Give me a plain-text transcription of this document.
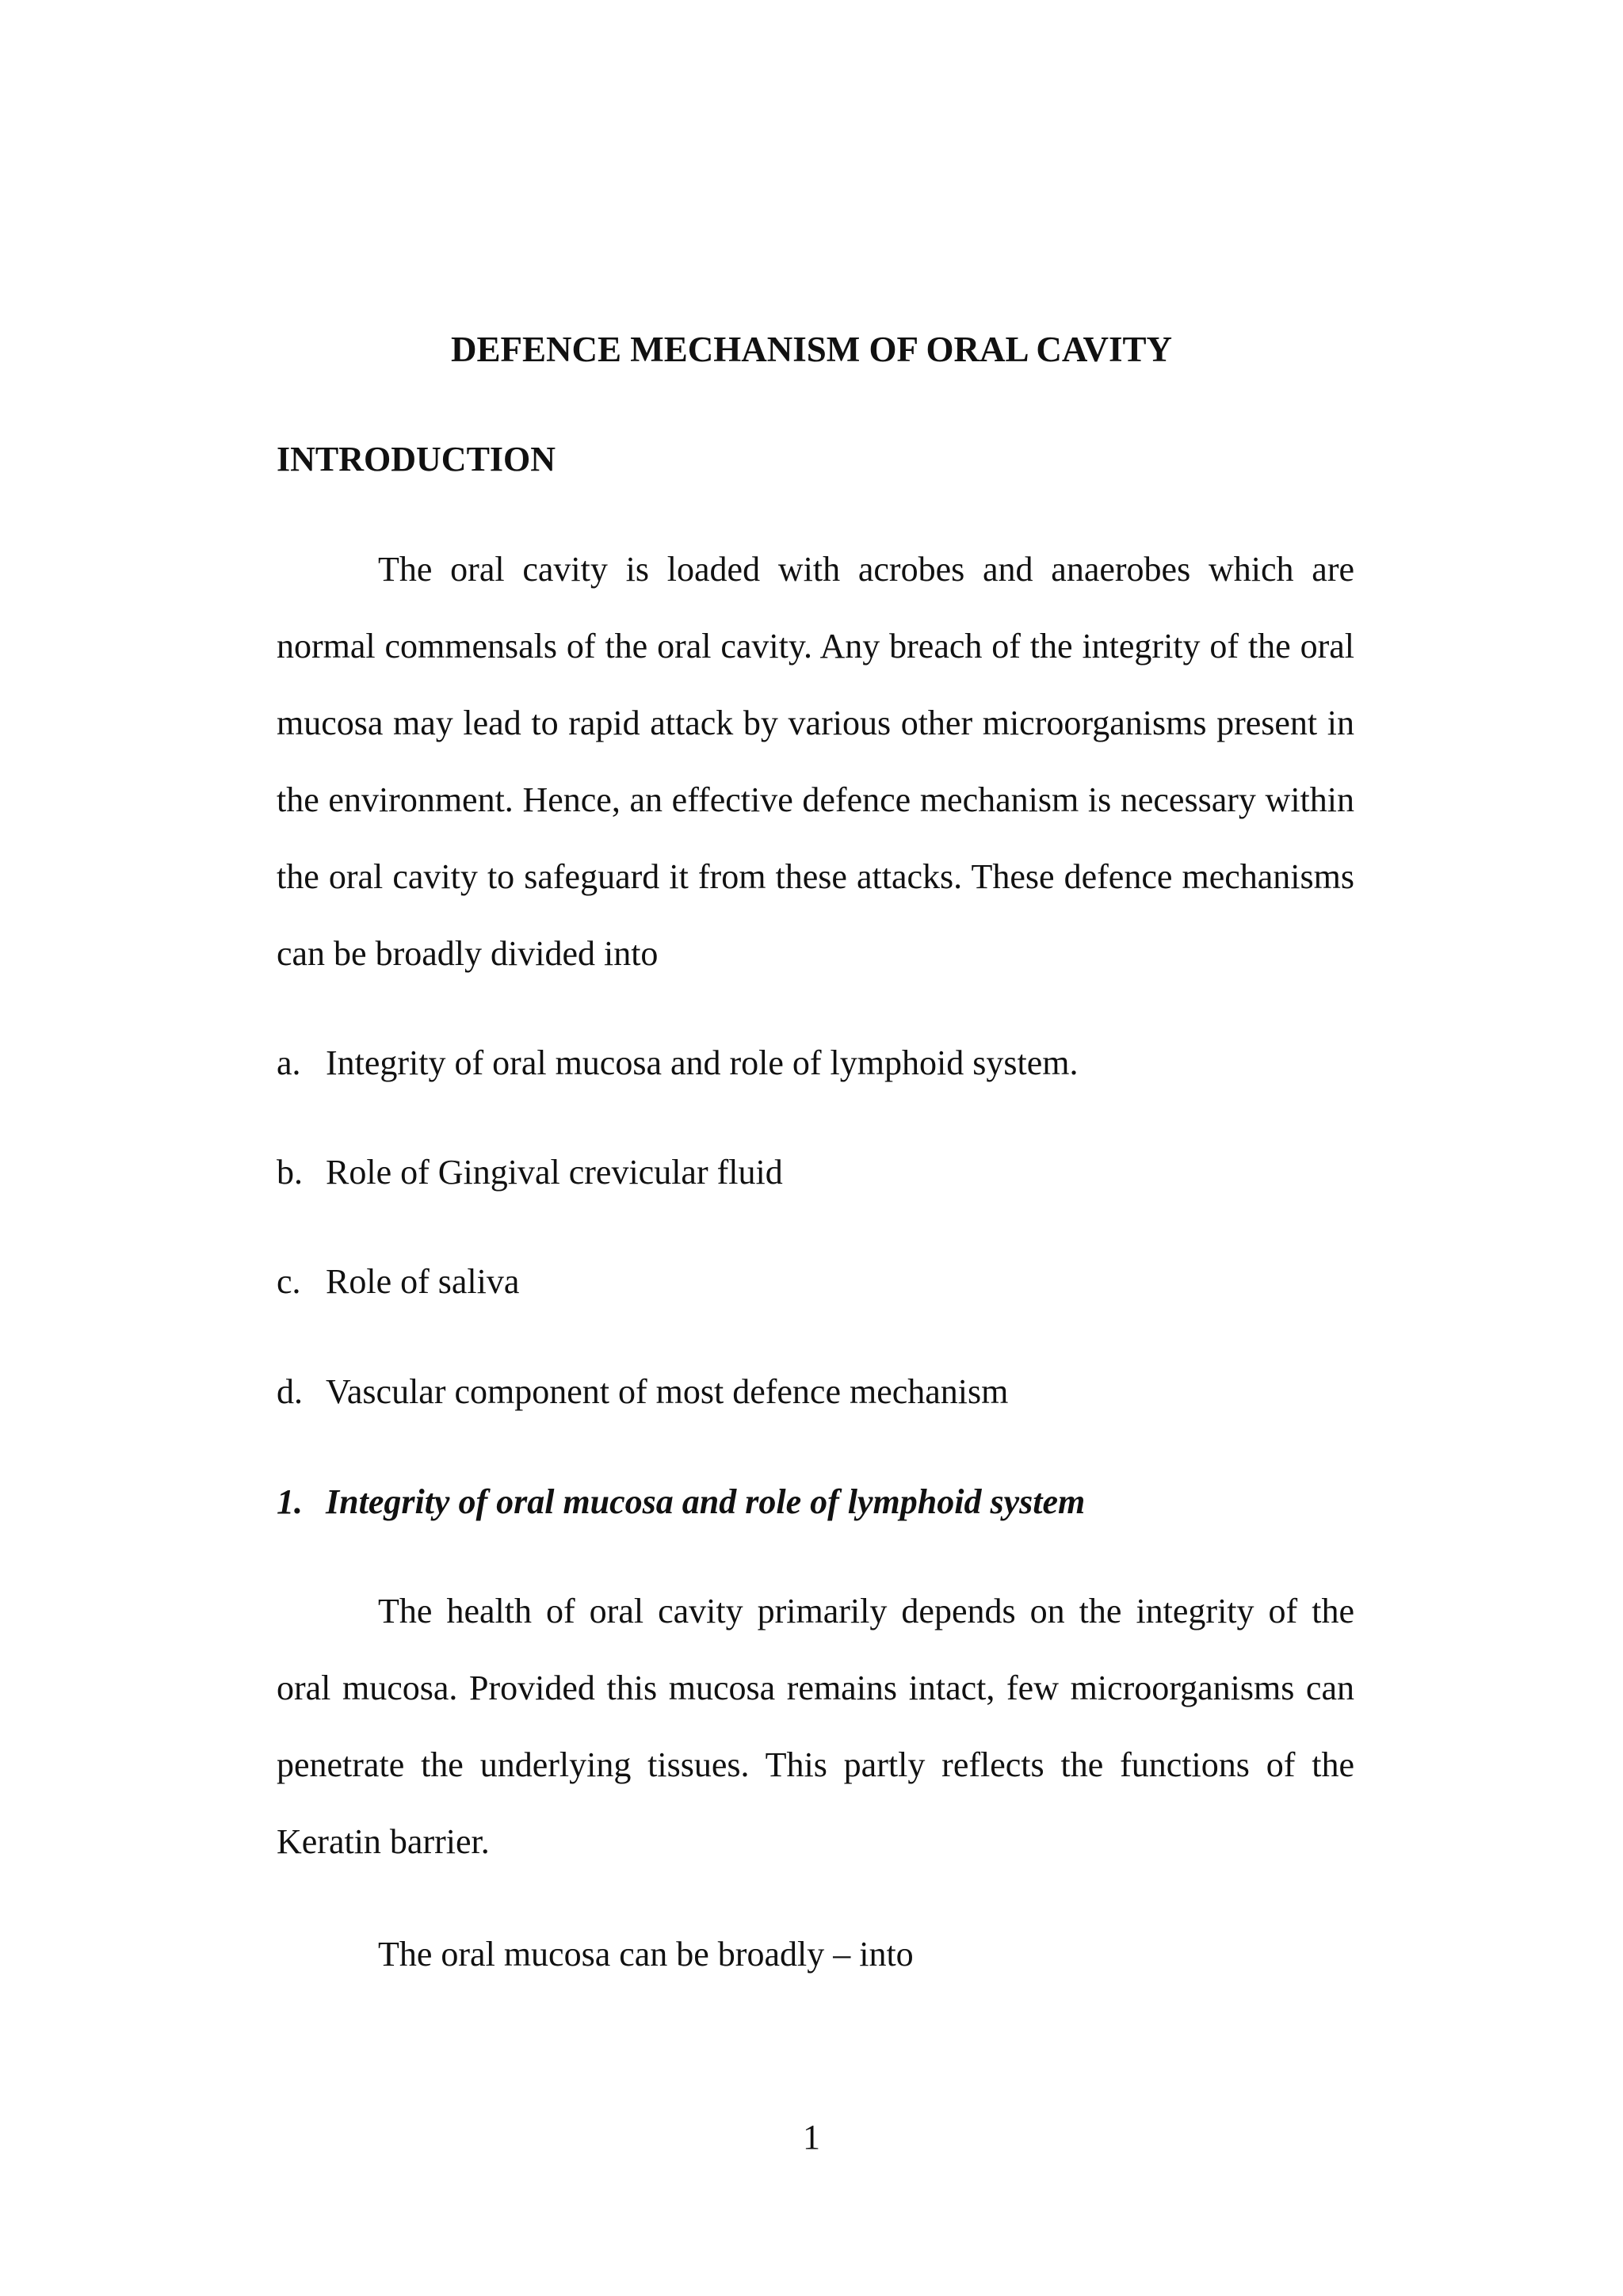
DEFENCE MECHANISM OF ORAL CAVITY
INTRODUCTION

The oral cavity is loaded with acrobes and anaerobes which are normal commensals of the oral cavity. Any breach of the integrity of the oral mucosa may lead to rapid attack by various other microorganisms present in the environment. Hence, an effective defence mechanism is necessary within the oral cavity to safeguard it from these attacks. These defence mechanisms can be broadly divided into

a. Integrity of oral mucosa and role of lymphoid system.
b. Role of Gingival crevicular fluid
c. Role of saliva
d. Vascular component of most defence mechanism
1. Integrity of oral mucosa and role of lymphoid system

The health of oral cavity primarily depends on the integrity of the oral mucosa. Provided this mucosa remains intact, few microorganisms can penetrate the underlying tissues. This partly reflects the functions of the Keratin barrier.

The oral mucosa can be broadly – into

1
